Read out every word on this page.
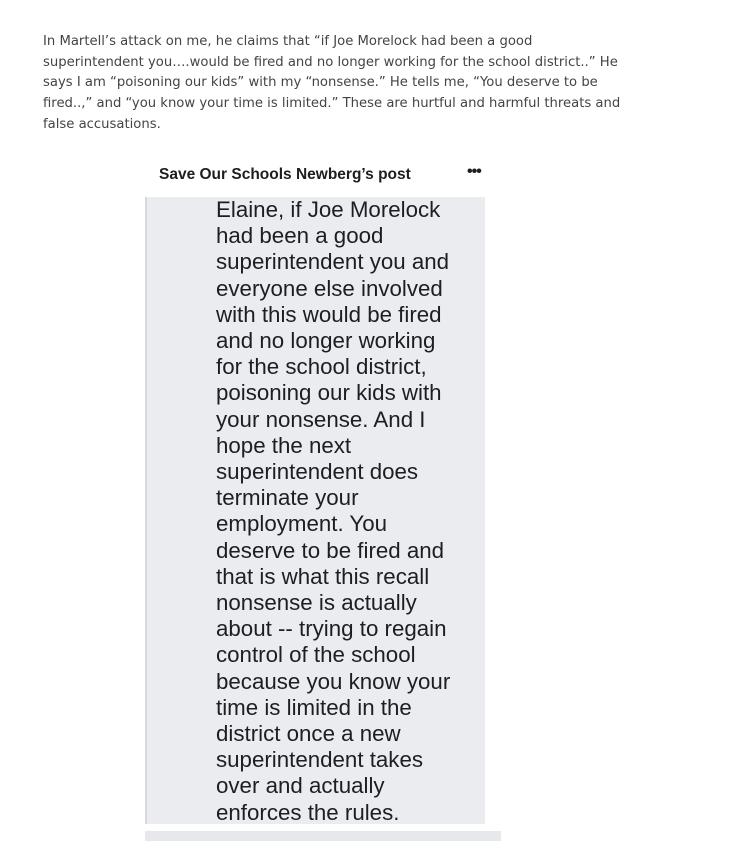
In Martell’s attack on me, he claims that “if Joe Morelock had been a good
superintendent you….would be fired and no longer working for the school district..” He
says I am “poisoning our kids” with my “nonsense.” He tells me, “You deserve to be
fired..,” and “you know your time is limited.” These are hurtful and harmful threats and
false accusations.

Save Our Schools Newberg’s post	•••
Elaine, if Joe Morelock
had been a good
superintendent you and
everyone else involved
with this would be fired
and no longer working
for the school district,
poisoning our kids with
your nonsense. And I
hope the next
superintendent does
terminate your
employment. You
deserve to be fired and
that is what this recall
nonsense is actually
about -- trying to regain
control of the school
because you know your
time is limited in the
district once a new
superintendent takes
over and actually
enforces the rules.
